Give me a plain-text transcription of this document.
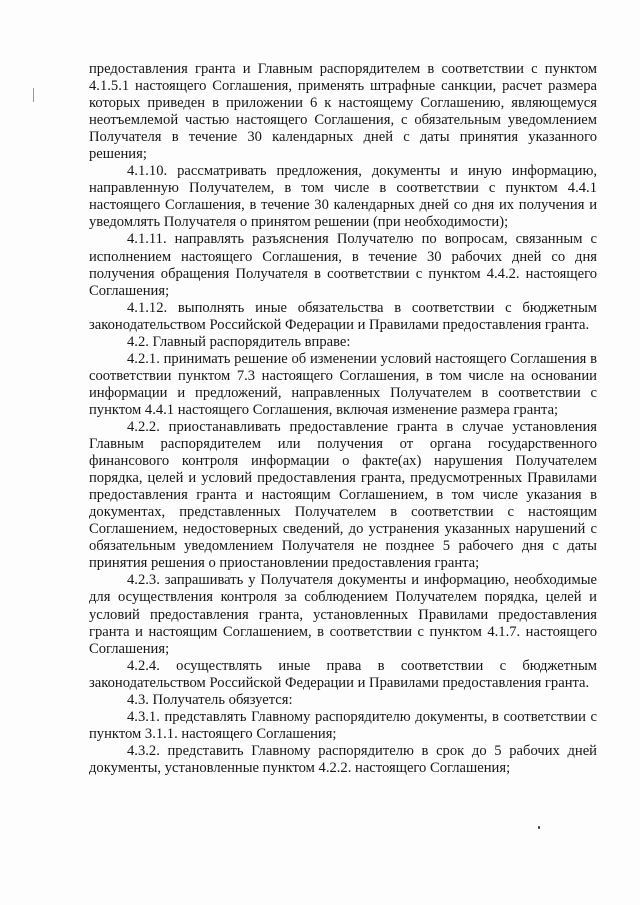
предоставления гранта и Главным распорядителем в соответствии с пунктом 4.1.5.1 настоящего Соглашения, применять штрафные санкции, расчет размера которых приведен в приложении 6 к настоящему Соглашению, являющемуся неотъемлемой частью настоящего Соглашения, с обязательным уведомлением Получателя в течение 30 календарных дней с даты принятия указанного решения;

4.1.10. рассматривать предложения, документы и иную информацию, направленную Получателем, в том числе в соответствии с пунктом 4.4.1 настоящего Соглашения, в течение 30 календарных дней со дня их получения и уведомлять Получателя о принятом решении (при необходимости);

4.1.11. направлять разъяснения Получателю по вопросам, связанным с исполнением настоящего Соглашения, в течение 30 рабочих дней со дня получения обращения Получателя в соответствии с пунктом 4.4.2. настоящего Соглашения;

4.1.12. выполнять иные обязательства в соответствии с бюджетным законодательством Российской Федерации и Правилами предоставления гранта.

4.2. Главный распорядитель вправе:

4.2.1. принимать решение об изменении условий настоящего Соглашения в соответствии пунктом 7.3 настоящего Соглашения, в том числе на основании информации и предложений, направленных Получателем в соответствии с пунктом 4.4.1 настоящего Соглашения, включая изменение размера гранта;

4.2.2. приостанавливать предоставление гранта в случае установления Главным распорядителем или получения от органа государственного финансового контроля информации о факте(ах) нарушения Получателем порядка, целей и условий предоставления гранта, предусмотренных Правилами предоставления гранта и настоящим Соглашением, в том числе указания в документах, представленных Получателем в соответствии с настоящим Соглашением, недостоверных сведений, до устранения указанных нарушений с обязательным уведомлением Получателя не позднее 5 рабочего дня с даты принятия решения о приостановлении предоставления гранта;

4.2.3. запрашивать у Получателя документы и информацию, необходимые для осуществления контроля за соблюдением Получателем порядка, целей и условий предоставления гранта, установленных Правилами предоставления гранта и настоящим Соглашением, в соответствии с пунктом 4.1.7. настоящего Соглашения;

4.2.4. осуществлять иные права в соответствии с бюджетным законодательством Российской Федерации и Правилами предоставления гранта.

4.3. Получатель обязуется:

4.3.1. представлять Главному распорядителю документы, в соответствии с пунктом 3.1.1. настоящего Соглашения;

4.3.2. представить Главному распорядителю в срок до 5 рабочих дней документы, установленные пунктом 4.2.2. настоящего Соглашения;
